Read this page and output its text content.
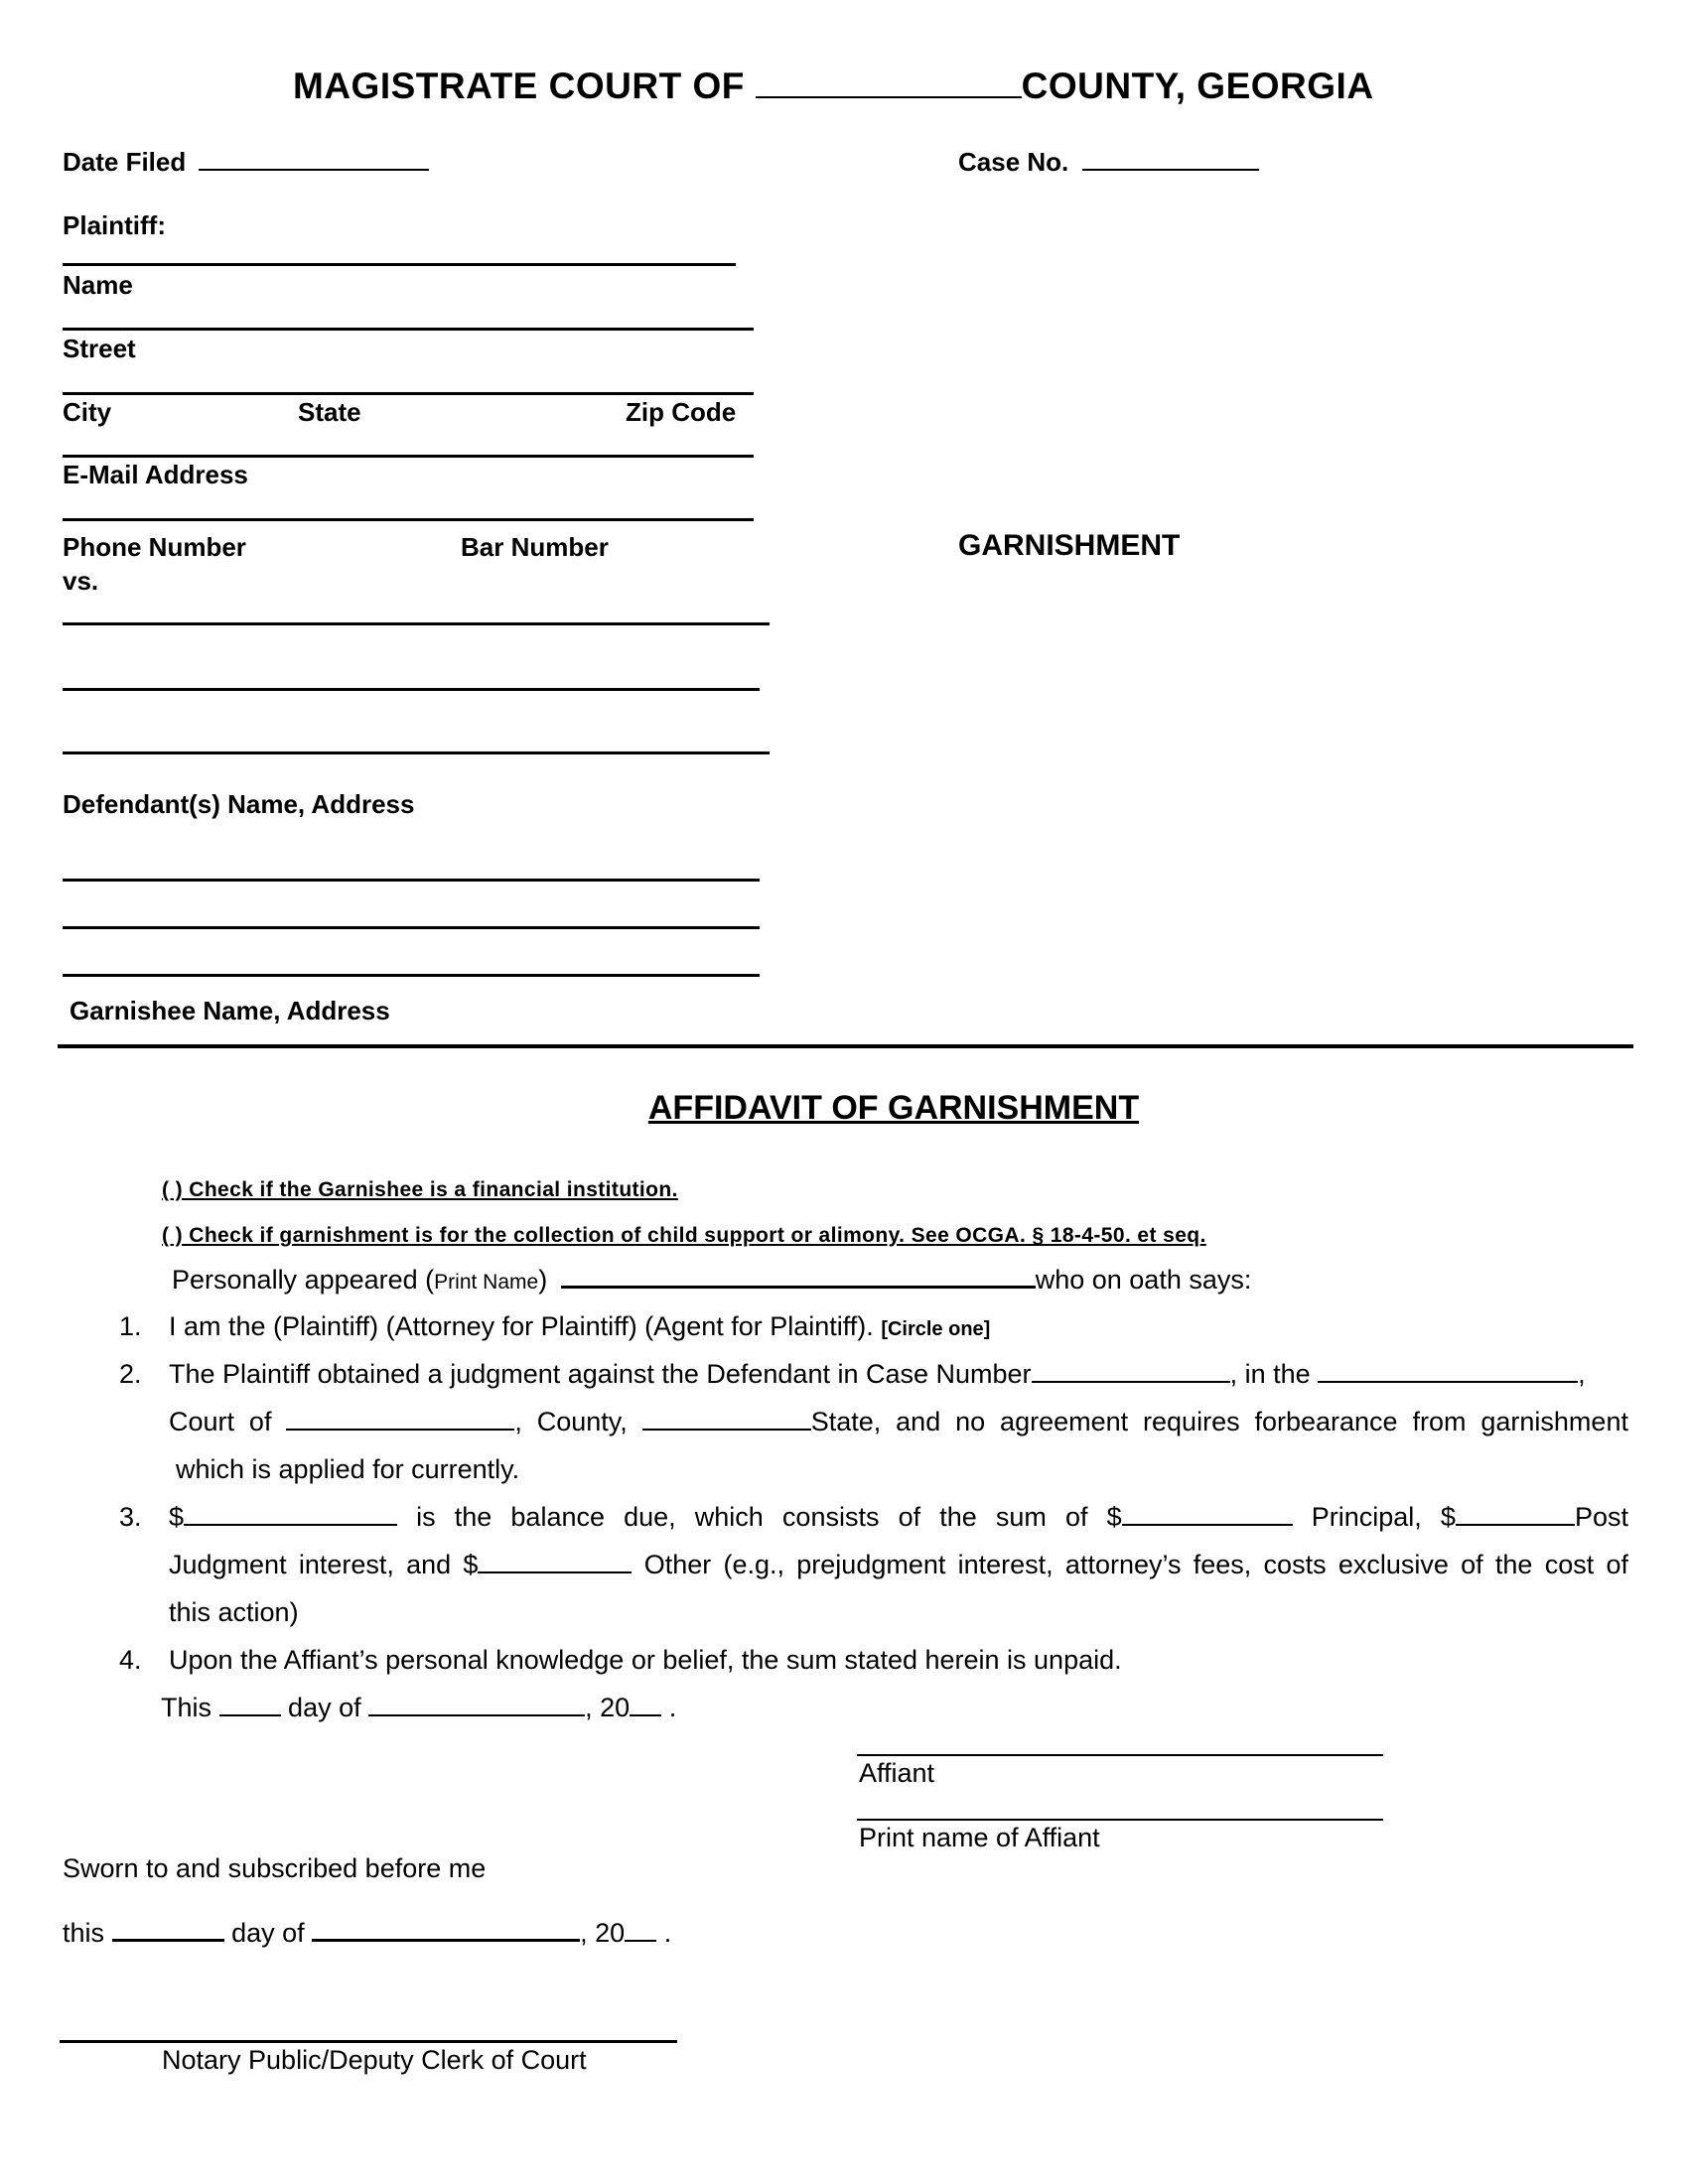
MAGISTRATE COURT OF	COUNTY, GEORGIA
Date Filed	Case No.
Plaintiff:
Name
Street
City	State	Zip Code
E-Mail Address
Phone Number	Bar Number
vs.
GARNISHMENT
Defendant(s) Name, Address
Garnishee Name, Address
AFFIDAVIT OF GARNISHMENT
( ) Check if the Garnishee is a financial institution.
( ) Check if garnishment is for the collection of child support or alimony. See OCGA. § 18-4-50. et seq.
Personally appeared (Print Name)	who on oath says:
1. I am the (Plaintiff) (Attorney for Plaintiff) (Agent for Plaintiff). [Circle one]
2. The Plaintiff obtained a judgment against the Defendant in Case Number	, in the	,
Court of	, County,	State, and no agreement requires forbearance from garnishment
which is applied for currently.
3. $	is the balance due, which consists of the sum of $	Principal, $	Post
Judgment interest, and $	Other (e.g., prejudgment interest, attorney’s fees, costs exclusive of the cost of
this action)
4. Upon the Affiant’s personal knowledge or belief, the sum stated herein is unpaid.
This	day of	, 20 .
Affiant
Print name of Affiant
Sworn to and subscribed before me
this	day of	, 20 .
Notary Public/Deputy Clerk of Court
